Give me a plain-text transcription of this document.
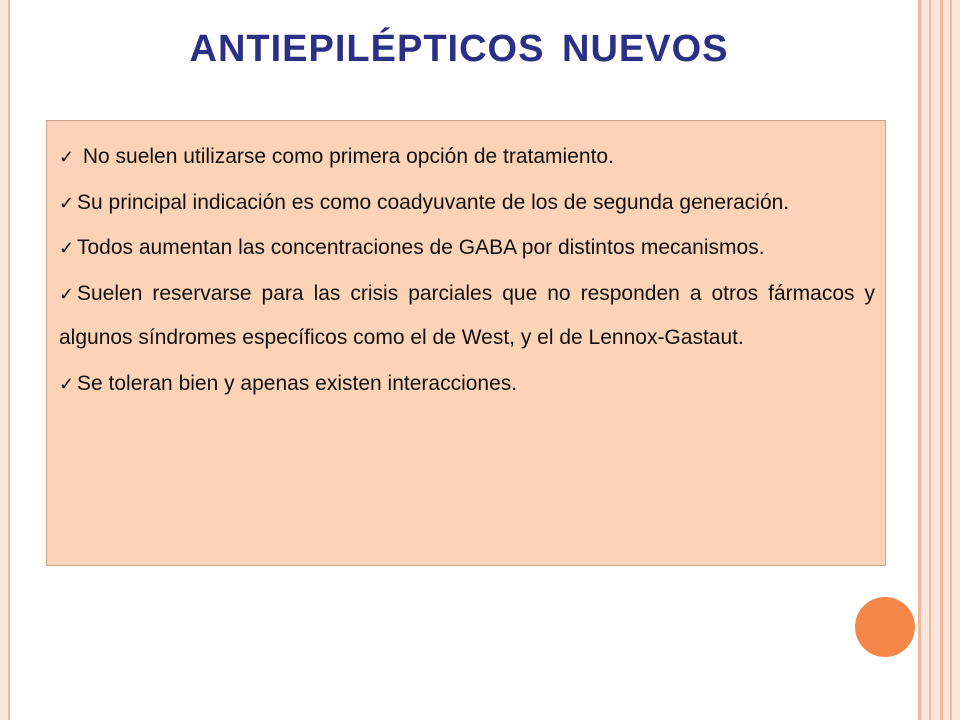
ANTIEPILÉPTICOS NUEVOS
✓ No suelen utilizarse como primera opción de tratamiento.
✓ Su principal indicación es como coadyuvante de los de segunda generación.
✓ Todos aumentan las concentraciones de GABA por distintos mecanismos.
✓ Suelen reservarse para las crisis parciales que no responden a otros fármacos y algunos síndromes específicos como el de West, y el de Lennox-Gastaut.
✓ Se toleran bien y apenas existen interacciones.
